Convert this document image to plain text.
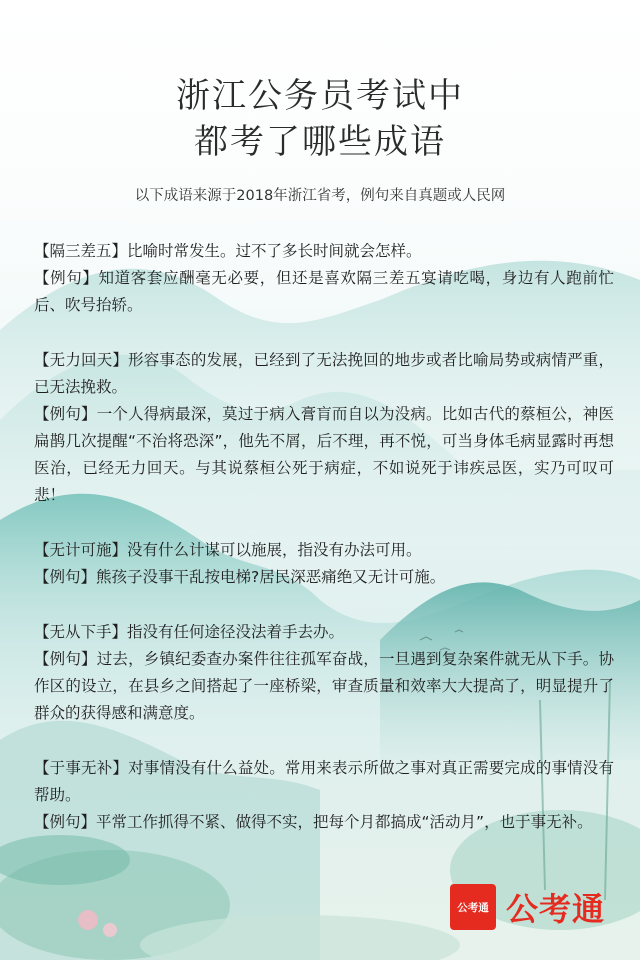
浙江公务员考试中
都考了哪些成语
以下成语来源于2018年浙江省考，例句来自真题或人民网
【隔三差五】比喻时常发生。过不了多长时间就会怎样。
【例句】知道客套应酬毫无必要，但还是喜欢隔三差五宴请吃喝，身边有人跑前忙后、吹号抬轿。
【无力回天】形容事态的发展，已经到了无法挽回的地步或者比喻局势或病情严重，已无法挽救。
【例句】一个人得病最深，莫过于病入膏肓而自以为没病。比如古代的蔡桓公，神医扁鹊几次提醒“不治将恐深”，他先不屑，后不理，再不悦，可当身体毛病显露时再想医治，已经无力回天。与其说蔡桓公死于病症，不如说死于讳疾忌医，实乃可叹可悲！
【无计可施】没有什么计谋可以施展，指没有办法可用。
【例句】熊孩子没事干乱按电梯?居民深恶痛绝又无计可施。
【无从下手】指没有任何途径没法着手去办。
【例句】过去，乡镇纪委查办案件往往孤军奋战，一旦遇到复杂案件就无从下手。协作区的设立，在县乡之间搭起了一座桥梁，审查质量和效率大大提高了，明显提升了群众的获得感和满意度。
【于事无补】对事情没有什么益处。常用来表示所做之事对真正需要完成的事情没有帮助。
【例句】平常工作抓得不紧、做得不实，把每个月都搞成“活动月”，也于事无补。
公考通 公考通
